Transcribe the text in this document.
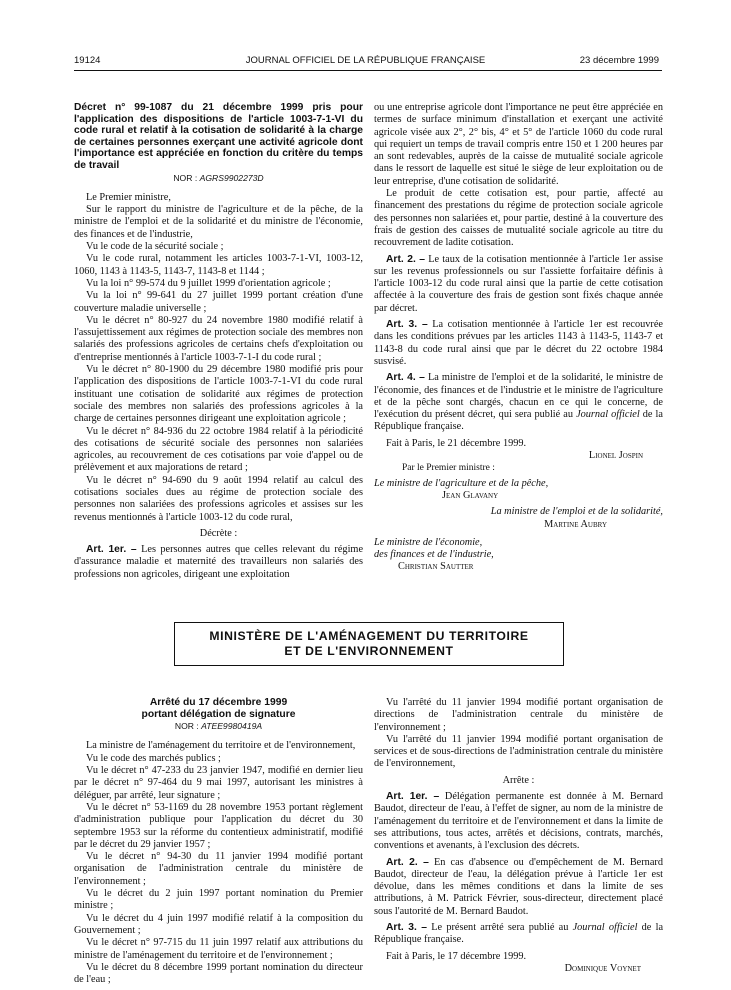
19124	JOURNAL OFFICIEL DE LA RÉPUBLIQUE FRANÇAISE	23 décembre 1999

Décret n° 99-1087 du 21 décembre 1999 pris pour l'application des dispositions de l'article 1003-7-1-VI du code rural et relatif à la cotisation de solidarité à la charge de certaines personnes exerçant une activité agricole dont l'importance est appréciée en fonction du critère du temps de travail

NOR : AGRS9902273D

Le Premier ministre,

Sur le rapport du ministre de l'agriculture et de la pêche, de la ministre de l'emploi et de la solidarité et du ministre de l'économie, des finances et de l'industrie,

Vu le code de la sécurité sociale ;

Vu le code rural, notamment les articles 1003-7-1-VI, 1003-12, 1060, 1143 à 1143-5, 1143-7, 1143-8 et 1144 ;

Vu la loi n° 99-574 du 9 juillet 1999 d'orientation agricole ;

Vu la loi n° 99-641 du 27 juillet 1999 portant création d'une couverture maladie universelle ;

Vu le décret n° 80-927 du 24 novembre 1980 modifié relatif à l'assujettissement aux régimes de protection sociale des membres non salariés des professions agricoles de certains chefs d'exploitation ou d'entreprise mentionnés à l'article 1003-7-1-I du code rural ;

Vu le décret n° 80-1900 du 29 décembre 1980 modifié pris pour l'application des dispositions de l'article 1003-7-1-VI du code rural instituant une cotisation de solidarité aux régimes de protection sociale des membres non salariés des professions agricoles à la charge de certaines personnes dirigeant une exploitation agricole ;

Vu le décret n° 84-936 du 22 octobre 1984 relatif à la périodicité des cotisations de sécurité sociale des personnes non salariées agricoles, au recouvrement de ces cotisations par voie d'appel ou de prélèvement et aux majorations de retard ;

Vu le décret n° 94-690 du 9 août 1994 relatif au calcul des cotisations sociales dues au régime de protection sociale des personnes non salariées des professions agricoles et assises sur les revenus mentionnés à l'article 1003-12 du code rural,

Décrète :

Art. 1er. – Les personnes autres que celles relevant du régime d'assurance maladie et maternité des travailleurs non salariés des professions non agricoles, dirigeant une exploitation

ou une entreprise agricole dont l'importance ne peut être appréciée en termes de surface minimum d'installation et exerçant une activité agricole visée aux 2°, 2° bis, 4° et 5° de l'article 1060 du code rural qui requiert un temps de travail compris entre 150 et 1 200 heures par an sont redevables, auprès de la caisse de mutualité sociale agricole dans le ressort de laquelle est situé le siège de leur exploitation ou de leur entreprise, d'une cotisation de solidarité.

Le produit de cette cotisation est, pour partie, affecté au financement des prestations du régime de protection sociale agricole des personnes non salariées et, pour partie, destiné à la couverture des frais de gestion des caisses de mutualité sociale agricole au titre du recouvrement de ladite cotisation.

Art. 2. – Le taux de la cotisation mentionnée à l'article 1er assise sur les revenus professionnels ou sur l'assiette forfaitaire définis à l'article 1003-12 du code rural ainsi que la partie de cette cotisation affectée à la couverture des frais de gestion sont fixés chaque année par décret.

Art. 3. – La cotisation mentionnée à l'article 1er est recouvrée dans les conditions prévues par les articles 1143 à 1143-5, 1143-7 et 1143-8 du code rural ainsi que par le décret du 22 octobre 1984 susvisé.

Art. 4. – La ministre de l'emploi et de la solidarité, le ministre de l'économie, des finances et de l'industrie et le ministre de l'agriculture et de la pêche sont chargés, chacun en ce qui le concerne, de l'exécution du présent décret, qui sera publié au Journal officiel de la République française.

Fait à Paris, le 21 décembre 1999.

Lionel Jospin

Par le Premier ministre :

Le ministre de l'agriculture et de la pêche,

Jean Glavany

La ministre de l'emploi et de la solidarité,

Martine Aubry

Le ministre de l'économie,

des finances et de l'industrie,

Christian Sautter

MINISTÈRE DE L'AMÉNAGEMENT DU TERRITOIRE
ET DE L'ENVIRONNEMENT

Arrêté du 17 décembre 1999

portant délégation de signature

NOR : ATEE9980419A

La ministre de l'aménagement du territoire et de l'environnement,

Vu le code des marchés publics ;

Vu le décret n° 47-233 du 23 janvier 1947, modifié en dernier lieu par le décret n° 97-464 du 9 mai 1997, autorisant les ministres à déléguer, par arrêté, leur signature ;

Vu le décret n° 53-1169 du 28 novembre 1953 portant règlement d'administration publique pour l'application du décret du 30 septembre 1953 sur la réforme du contentieux administratif, modifié par le décret du 29 janvier 1957 ;

Vu le décret n° 94-30 du 11 janvier 1994 modifié portant organisation de l'administration centrale du ministère de l'environnement ;

Vu le décret du 2 juin 1997 portant nomination du Premier ministre ;

Vu le décret du 4 juin 1997 modifié relatif à la composition du Gouvernement ;

Vu le décret n° 97-715 du 11 juin 1997 relatif aux attributions du ministre de l'aménagement du territoire et de l'environnement ;

Vu le décret du 8 décembre 1999 portant nomination du directeur de l'eau ;

Vu l'arrêté du 11 janvier 1994 modifié portant organisation de directions de l'administration centrale du ministère de l'environnement ;

Vu l'arrêté du 11 janvier 1994 modifié portant organisation de services et de sous-directions de l'administration centrale du ministère de l'environnement,

Arrête :

Art. 1er. – Délégation permanente est donnée à M. Bernard Baudot, directeur de l'eau, à l'effet de signer, au nom de la ministre de l'aménagement du territoire et de l'environnement et dans la limite de ses attributions, tous actes, arrêtés et décisions, contrats, marchés, conventions et avenants, à l'exclusion des décrets.

Art. 2. – En cas d'absence ou d'empêchement de M. Bernard Baudot, directeur de l'eau, la délégation prévue à l'article 1er est dévolue, dans les mêmes conditions et dans la limite de ses attributions, à M. Patrick Février, sous-directeur, directement placé sous l'autorité de M. Bernard Baudot.

Art. 3. – Le présent arrêté sera publié au Journal officiel de la République française.

Fait à Paris, le 17 décembre 1999.

Dominique Voynet
